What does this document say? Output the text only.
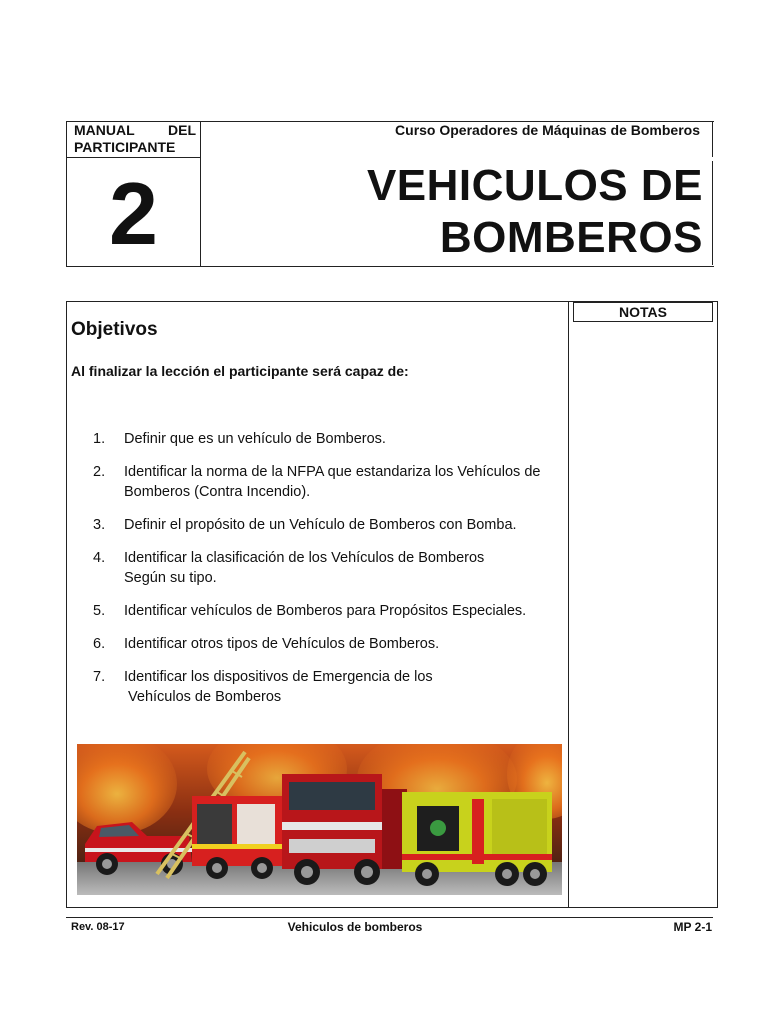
MANUAL DEL
PARTICIPANTE
Curso Operadores de Máquinas de Bomberos
2	VEHICULOS DE
BOMBEROS
NOTAS
Objetivos
Al finalizar la lección el participante será capaz de:
1.	Definir que es un vehículo de Bomberos.
2.	Identificar la norma de la NFPA que estandariza los Vehículos de
Bomberos (Contra Incendio).
3.	Definir el propósito de un Vehículo de Bomberos con Bomba.
4.	Identificar la clasificación de los Vehículos de Bomberos
Según su tipo.
5.	Identificar vehículos de Bomberos para Propósitos Especiales.
6.	Identificar otros tipos de Vehículos de Bomberos.
7.	Identificar los dispositivos de Emergencia de los
Vehículos de Bomberos
Rev. 08-17	Vehiculos de bomberos	MP 2-1
